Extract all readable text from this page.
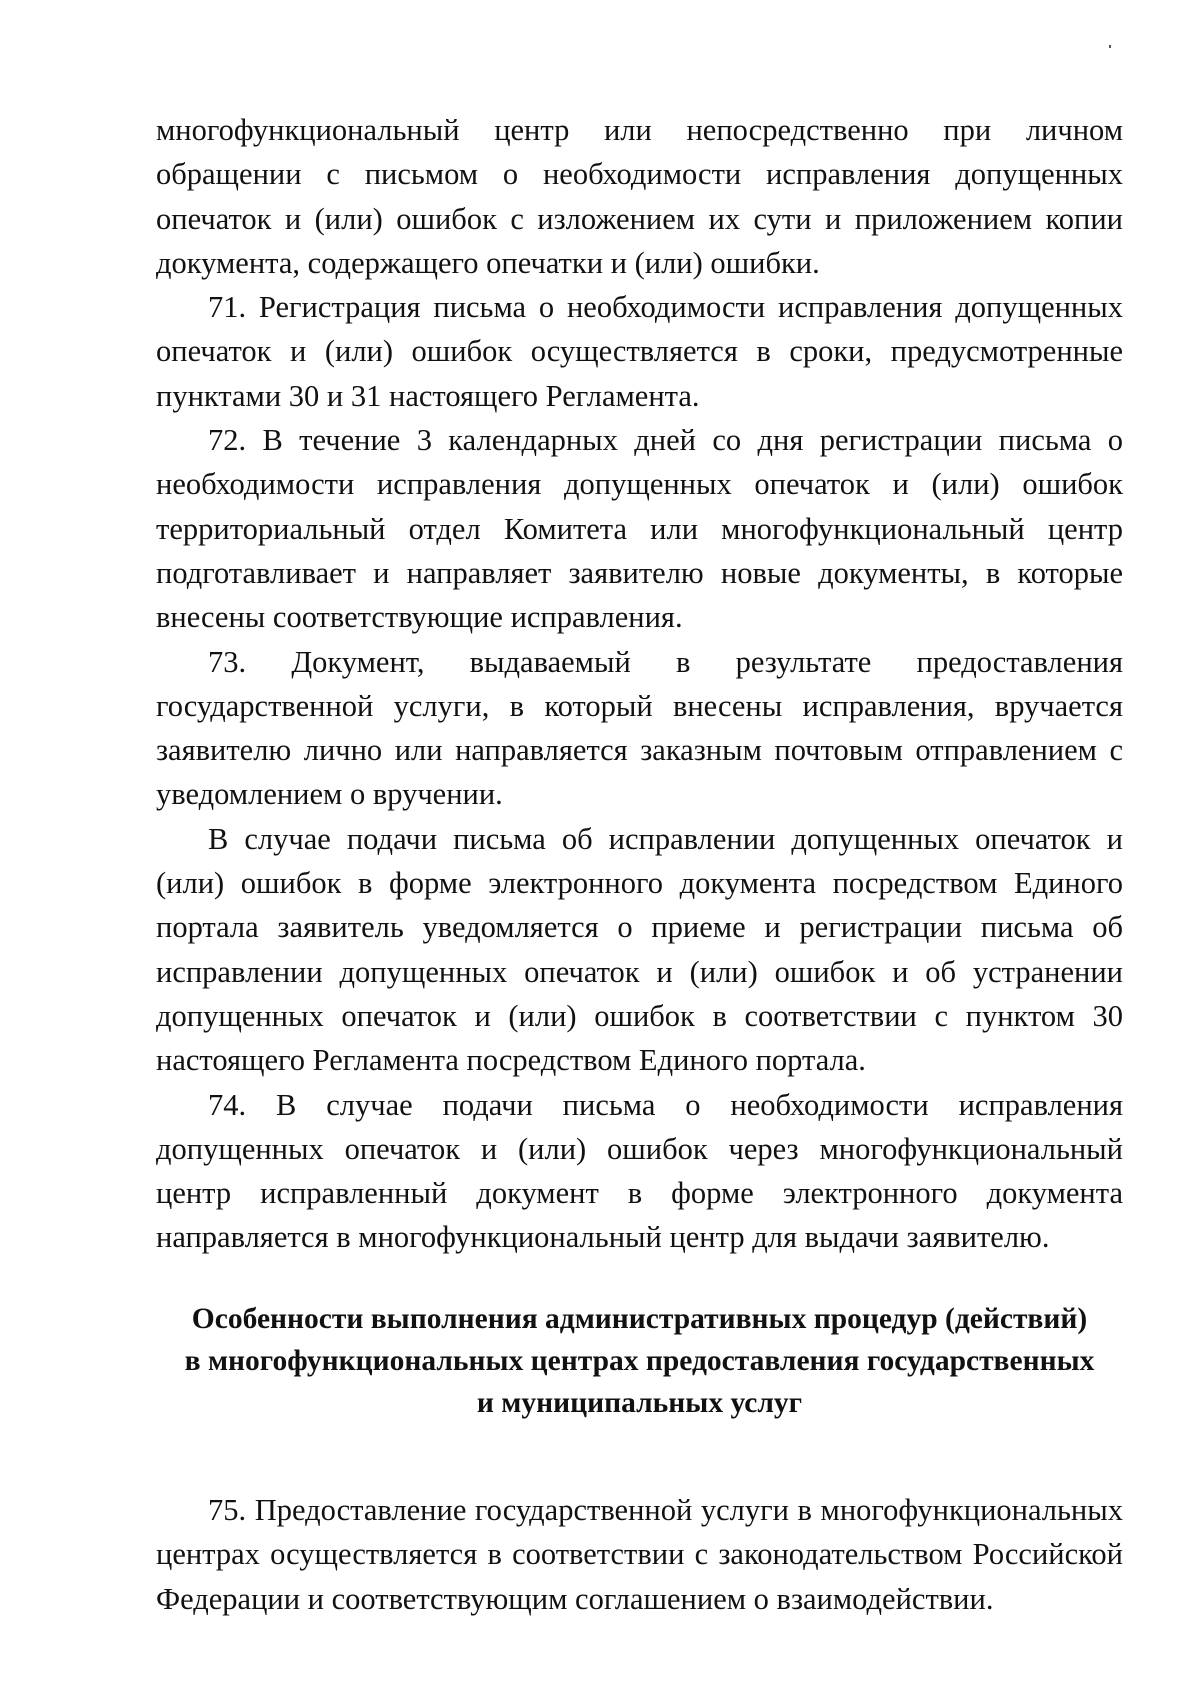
многофункциональный центр или непосредственно при личном обращении с письмом о необходимости исправления допущенных опечаток и (или) ошибок с изложением их сути и приложением копии документа, содержащего опечатки и (или) ошибки.

71. Регистрация письма о необходимости исправления допущенных опечаток и (или) ошибок осуществляется в сроки, предусмотренные пунктами 30 и 31 настоящего Регламента.

72. В течение 3 календарных дней со дня регистрации письма о необходимости исправления допущенных опечаток и (или) ошибок территориальный отдел Комитета или многофункциональный центр подготавливает и направляет заявителю новые документы, в которые внесены соответствующие исправления.

73. Документ, выдаваемый в результате предоставления государственной услуги, в который внесены исправления, вручается заявителю лично или направляется заказным почтовым отправлением с уведомлением о вручении.

В случае подачи письма об исправлении допущенных опечаток и (или) ошибок в форме электронного документа посредством Единого портала заявитель уведомляется о приеме и регистрации письма об исправлении допущенных опечаток и (или) ошибок и об устранении допущенных опечаток и (или) ошибок в соответствии с пунктом 30 настоящего Регламента посредством Единого портала.

74. В случае подачи письма о необходимости исправления допущенных опечаток и (или) ошибок через многофункциональный центр исправленный документ в форме электронного документа направляется в многофункциональный центр для выдачи заявителю.

Особенности выполнения административных процедур (действий)
в многофункциональных центрах предоставления государственных
и муниципальных услуг

75. Предоставление государственной услуги в многофункциональных центрах осуществляется в соответствии с законодательством Российской Федерации и соответствующим соглашением о взаимодействии.
